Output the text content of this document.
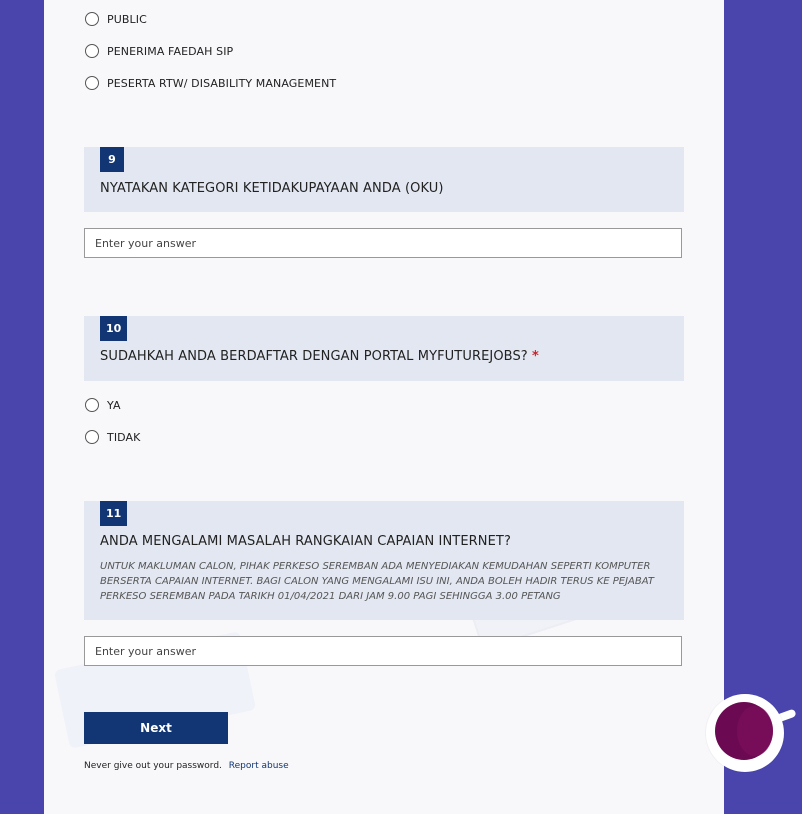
PUBLIC
PENERIMA FAEDAH SIP
PESERTA RTW/ DISABILITY MANAGEMENT
9
NYATAKAN KATEGORI KETIDAKUPAYAAN ANDA (OKU)
Enter your answer
10
SUDAHKAH ANDA BERDAFTAR DENGAN PORTAL MYFUTUREJOBS? *
YA
TIDAK
11
ANDA MENGALAMI MASALAH RANGKAIAN CAPAIAN INTERNET?
UNTUK MAKLUMAN CALON, PIHAK PERKESO SEREMBAN ADA MENYEDIAKAN KEMUDAHAN SEPERTI KOMPUTER BERSERTA CAPAIAN INTERNET. BAGI CALON YANG MENGALAMI ISU INI, ANDA BOLEH HADIR TERUS KE PEJABAT PERKESO SEREMBAN PADA TARIKH 01/04/2021 DARI JAM 9.00 PAGI SEHINGGA 3.00 PETANG
Enter your answer
Next
Never give out your password. Report abuse
